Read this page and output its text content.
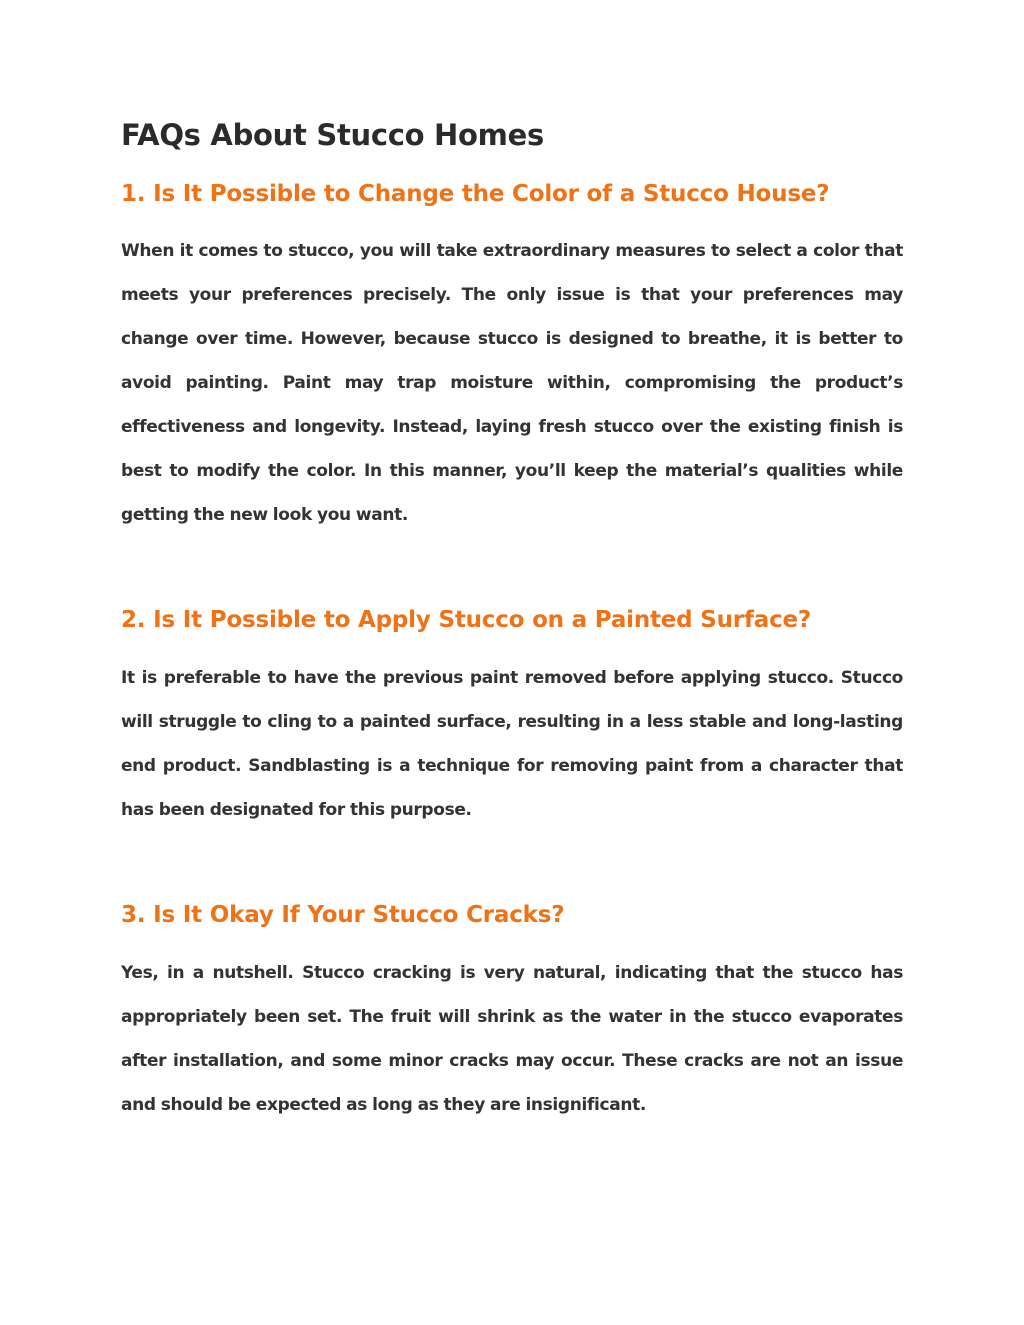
FAQs About Stucco Homes
1. Is It Possible to Change the Color of a Stucco House?

When it comes to stucco, you will take extraordinary measures to select a color that meets your preferences precisely. The only issue is that your preferences may change over time. However, because stucco is designed to breathe, it is better to avoid painting. Paint may trap moisture within, compromising the product’s effectiveness and longevity. Instead, laying fresh stucco over the existing finish is best to modify the color. In this manner, you’ll keep the material’s qualities while getting the new look you want.

2. Is It Possible to Apply Stucco on a Painted Surface?

It is preferable to have the previous paint removed before applying stucco. Stucco will struggle to cling to a painted surface, resulting in a less stable and long-lasting end product. Sandblasting is a technique for removing paint from a character that has been designated for this purpose.

3. Is It Okay If Your Stucco Cracks?

Yes, in a nutshell. Stucco cracking is very natural, indicating that the stucco has appropriately been set. The fruit will shrink as the water in the stucco evaporates after installation, and some minor cracks may occur. These cracks are not an issue and should be expected as long as they are insignificant.
